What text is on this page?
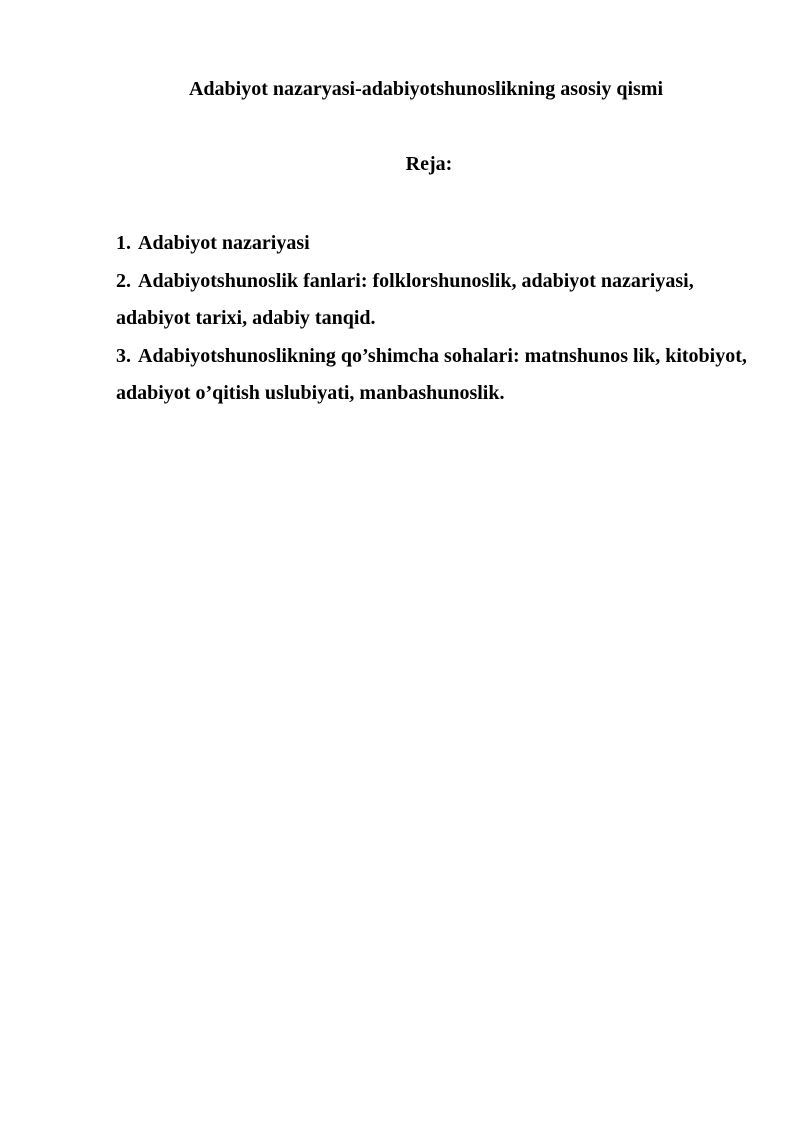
Adabiyot nazaryasi-adabiyotshunoslikning asosiy qismi
Reja:
1. Adabiyot nazariyasi
2. Adabiyotshunoslik fanlari: folklorshunoslik, adabiyot nazariyasi, adabiyot tarixi, adabiy tanqid.
3. Adabiyotshunoslikning qo’shimcha sohalari: matnshunos lik, kitobiyot, adabiyot o’qitish uslubiyati, manbashunoslik.
